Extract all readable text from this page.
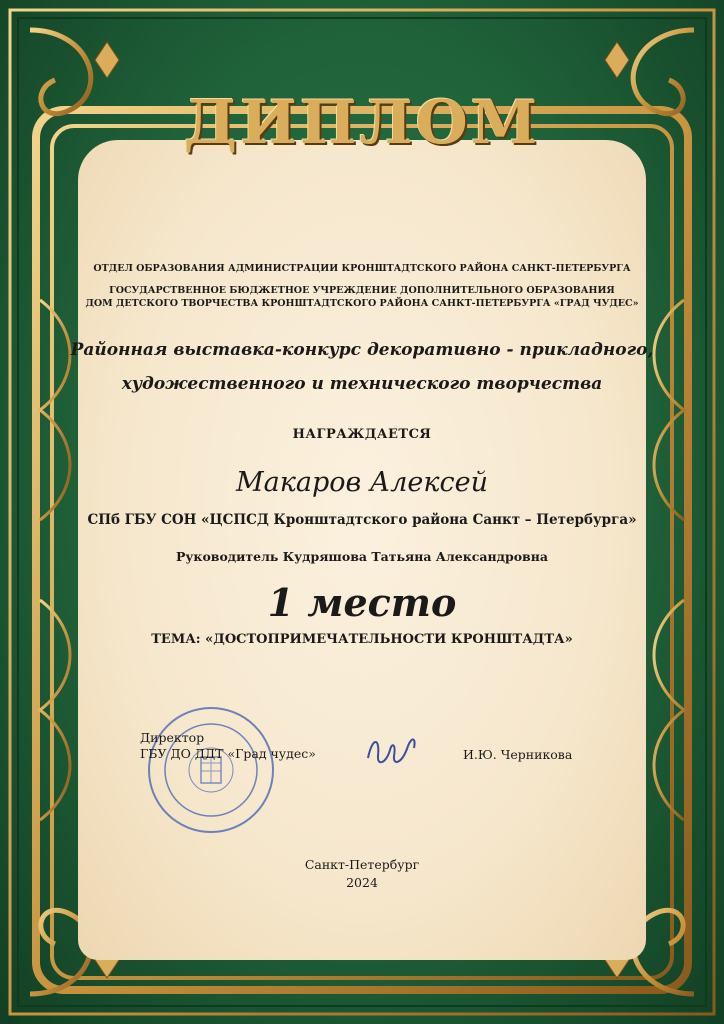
ДИПЛОМ
ОТДЕЛ ОБРАЗОВАНИЯ АДМИНИСТРАЦИИ КРОНШТАДТСКОГО РАЙОНА САНКТ-ПЕТЕРБУРГА
ГОСУДАРСТВЕННОЕ БЮДЖЕТНОЕ УЧРЕЖДЕНИЕ ДОПОЛНИТЕЛЬНОГО ОБРАЗОВАНИЯ
ДОМ ДЕТСКОГО ТВОРЧЕСТВА КРОНШТАДТСКОГО РАЙОНА САНКТ-ПЕТЕРБУРГА «ГРАД ЧУДЕС»
Районная выставка-конкурс декоративно - прикладного,
художественного и технического творчества
НАГРАЖДАЕТСЯ
Макаров Алексей
СПб ГБУ СОН «ЦСПСД Кронштадтского района Санкт – Петербурга»
Руководитель Кудряшова Татьяна Александровна
1 место
ТЕМА: «ДОСТОПРИМЕЧАТЕЛЬНОСТИ КРОНШТАДТА»
Директор
ГБУ ДО ДДТ «Град чудес»	И.Ю. Черникова
Санкт-Петербург
2024
